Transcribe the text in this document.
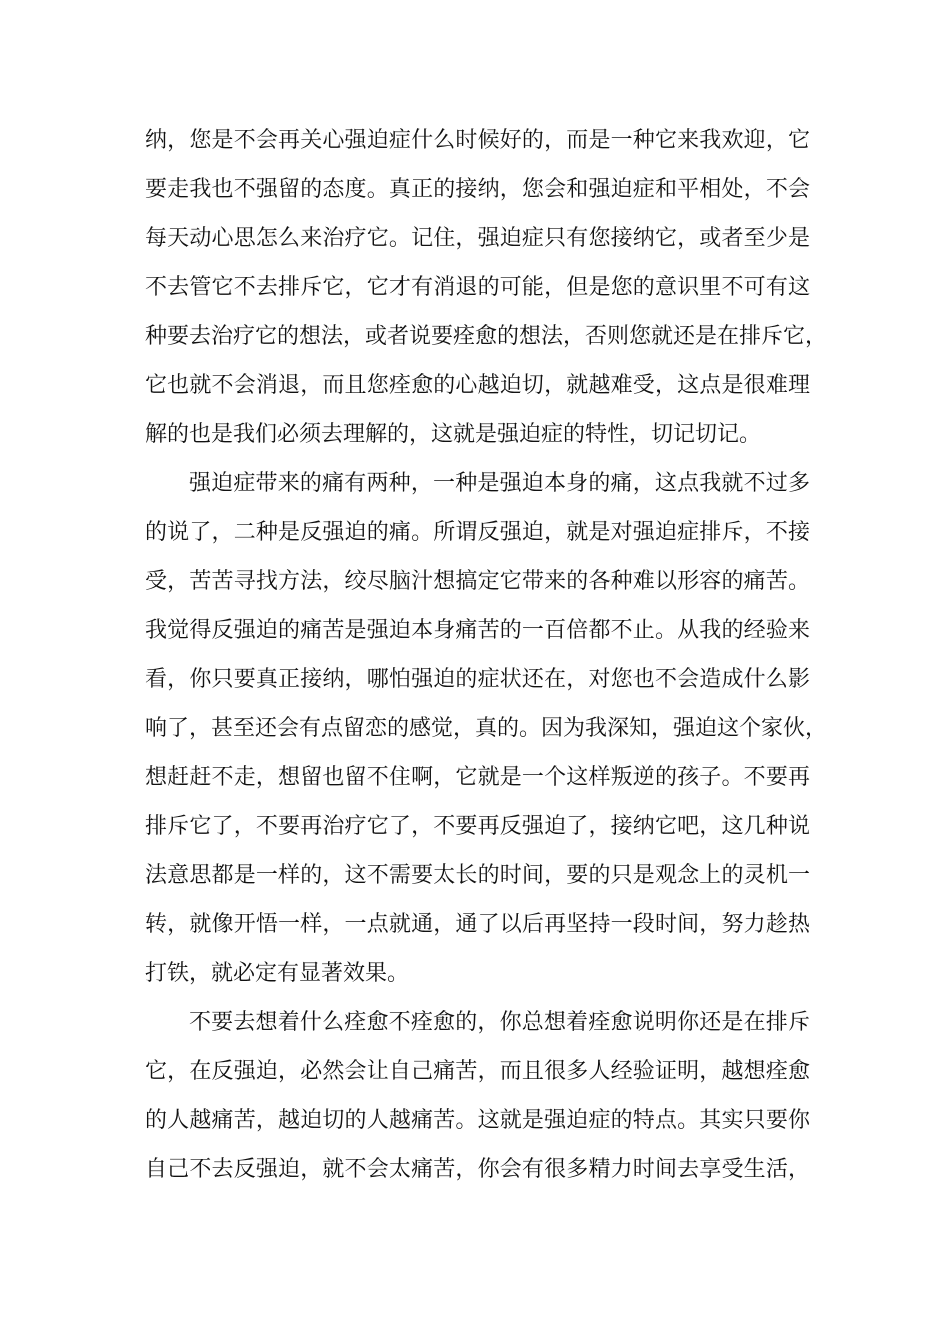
纳，您是不会再关心强迫症什么时候好的，而是一种它来我欢迎，它
要走我也不强留的态度。真正的接纳，您会和强迫症和平相处，不会
每天动心思怎么来治疗它。记住，强迫症只有您接纳它，或者至少是
不去管它不去排斥它，它才有消退的可能，但是您的意识里不可有这
种要去治疗它的想法，或者说要痊愈的想法，否则您就还是在排斥它，
它也就不会消退，而且您痊愈的心越迫切，就越难受，这点是很难理
解的也是我们必须去理解的，这就是强迫症的特性，切记切记。
强迫症带来的痛有两种，一种是强迫本身的痛，这点我就不过多
的说了，二种是反强迫的痛。所谓反强迫，就是对强迫症排斥，不接
受，苦苦寻找方法，绞尽脑汁想搞定它带来的各种难以形容的痛苦。
我觉得反强迫的痛苦是强迫本身痛苦的一百倍都不止。从我的经验来
看，你只要真正接纳，哪怕强迫的症状还在，对您也不会造成什么影
响了，甚至还会有点留恋的感觉，真的。因为我深知，强迫这个家伙，
想赶赶不走，想留也留不住啊，它就是一个这样叛逆的孩子。不要再
排斥它了，不要再治疗它了，不要再反强迫了，接纳它吧，这几种说
法意思都是一样的，这不需要太长的时间，要的只是观念上的灵机一
转，就像开悟一样，一点就通，通了以后再坚持一段时间，努力趁热
打铁，就必定有显著效果。
不要去想着什么痊愈不痊愈的，你总想着痊愈说明你还是在排斥
它，在反强迫，必然会让自己痛苦，而且很多人经验证明，越想痊愈
的人越痛苦，越迫切的人越痛苦。这就是强迫症的特点。其实只要你
自己不去反强迫，就不会太痛苦，你会有很多精力时间去享受生活，
